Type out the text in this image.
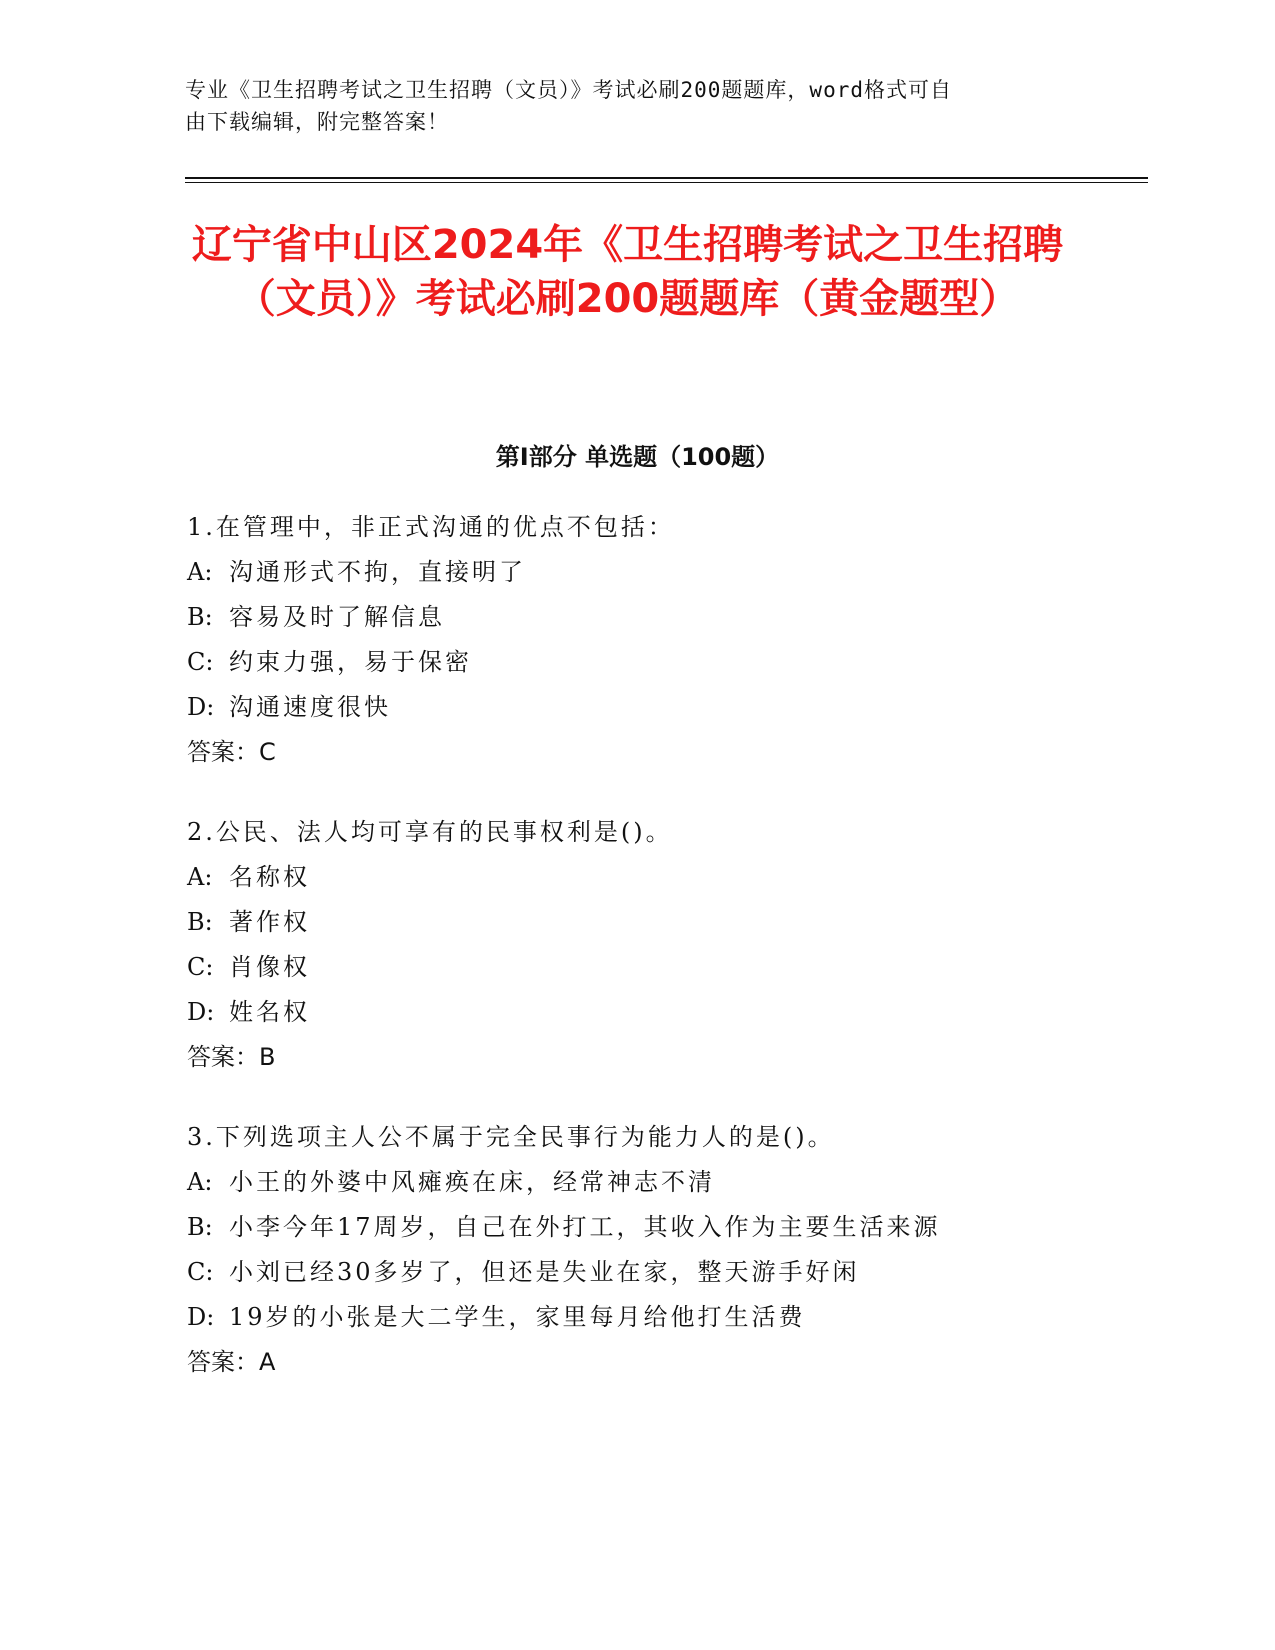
专业《卫生招聘考试之卫生招聘（文员）》考试必刷200题题库，word格式可自
由下载编辑，附完整答案！
辽宁省中山区2024年《卫生招聘考试之卫生招聘（文员）》考试必刷200题题库（黄金题型）
第I部分 单选题（100题）
1.在管理中，非正式沟通的优点不包括：
A: 沟通形式不拘，直接明了
B: 容易及时了解信息
C: 约束力强，易于保密
D: 沟通速度很快
答案：C
2.公民、法人均可享有的民事权利是()。
A: 名称权
B: 著作权
C: 肖像权
D: 姓名权
答案：B
3.下列选项主人公不属于完全民事行为能力人的是()。
A: 小王的外婆中风瘫痪在床，经常神志不清
B: 小李今年17周岁，自己在外打工，其收入作为主要生活来源
C: 小刘已经30多岁了，但还是失业在家，整天游手好闲
D: 19岁的小张是大二学生，家里每月给他打生活费
答案：A
